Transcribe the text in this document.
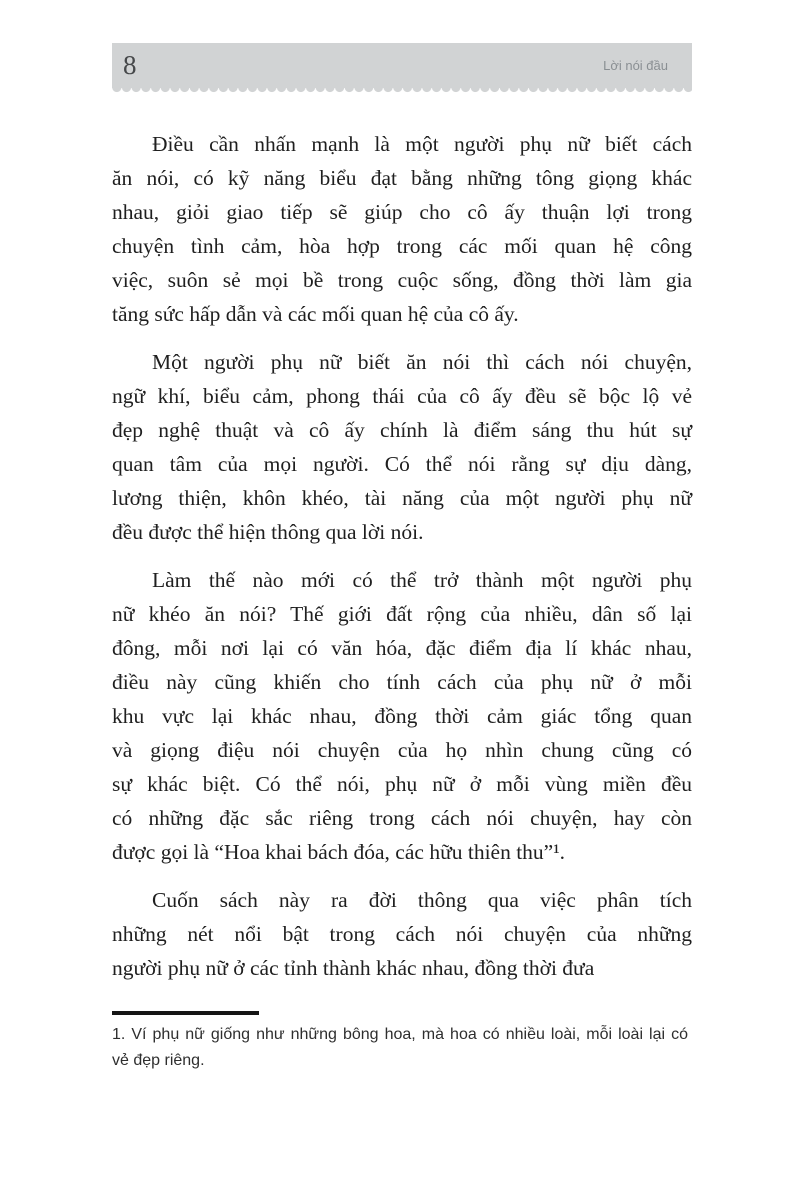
8	Lời nói đầu

Điều cần nhấn mạnh là một người phụ nữ biết cách
ăn nói, có kỹ năng biểu đạt bằng những tông giọng khác
nhau, giỏi giao tiếp sẽ giúp cho cô ấy thuận lợi trong
chuyện tình cảm, hòa hợp trong các mối quan hệ công
việc, suôn sẻ mọi bề trong cuộc sống, đồng thời làm gia
tăng sức hấp dẫn và các mối quan hệ của cô ấy.

Một người phụ nữ biết ăn nói thì cách nói chuyện,
ngữ khí, biểu cảm, phong thái của cô ấy đều sẽ bộc lộ vẻ
đẹp nghệ thuật và cô ấy chính là điểm sáng thu hút sự
quan tâm của mọi người. Có thể nói rằng sự dịu dàng,
lương thiện, khôn khéo, tài năng của một người phụ nữ
đều được thể hiện thông qua lời nói.

Làm thế nào mới có thể trở thành một người phụ
nữ khéo ăn nói? Thế giới đất rộng của nhiều, dân số lại
đông, mỗi nơi lại có văn hóa, đặc điểm địa lí khác nhau,
điều này cũng khiến cho tính cách của phụ nữ ở mỗi
khu vực lại khác nhau, đồng thời cảm giác tổng quan
và giọng điệu nói chuyện của họ nhìn chung cũng có
sự khác biệt. Có thể nói, phụ nữ ở mỗi vùng miền đều
có những đặc sắc riêng trong cách nói chuyện, hay còn
được gọi là “Hoa khai bách đóa, các hữu thiên thu”¹.

Cuốn sách này ra đời thông qua việc phân tích
những nét nổi bật trong cách nói chuyện của những
người phụ nữ ở các tỉnh thành khác nhau, đồng thời đưa

1. Ví phụ nữ giống như những bông hoa, mà hoa có nhiều loài, mỗi loài lại có
vẻ đẹp riêng.
